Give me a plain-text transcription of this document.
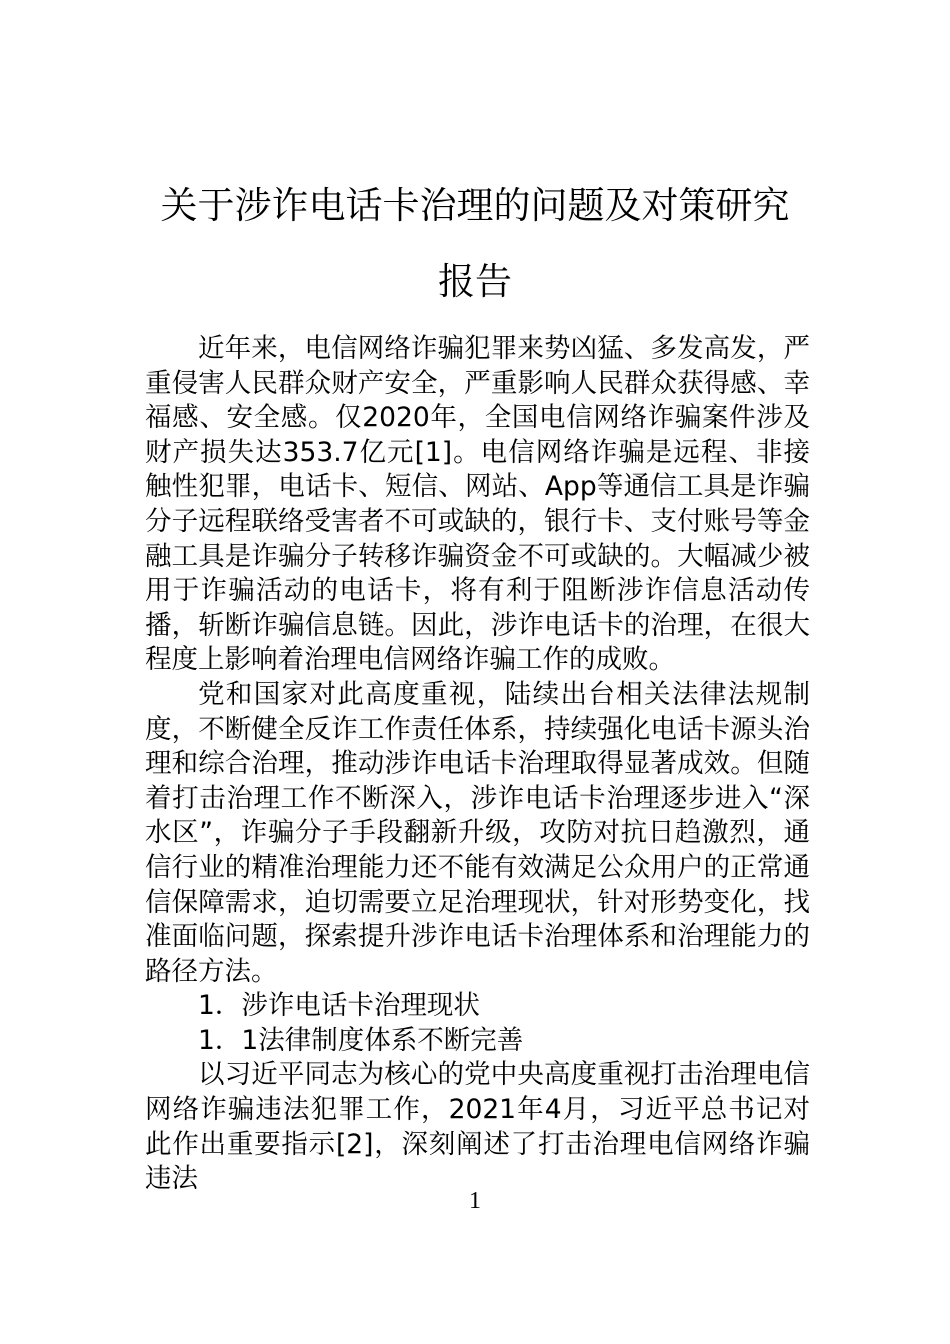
关于涉诈电话卡治理的问题及对策研究报告

近年来，电信网络诈骗犯罪来势凶猛、多发高发，严重侵害人民群众财产安全，严重影响人民群众获得感、幸福感、安全感。仅2020年，全国电信网络诈骗案件涉及财产损失达353.7亿元[1]。电信网络诈骗是远程、非接触性犯罪，电话卡、短信、网站、App等通信工具是诈骗分子远程联络受害者不可或缺的，银行卡、支付账号等金融工具是诈骗分子转移诈骗资金不可或缺的。大幅减少被用于诈骗活动的电话卡，将有利于阻断涉诈信息活动传播，斩断诈骗信息链。因此，涉诈电话卡的治理，在很大程度上影响着治理电信网络诈骗工作的成败。

党和国家对此高度重视，陆续出台相关法律法规制度，不断健全反诈工作责任体系，持续强化电话卡源头治理和综合治理，推动涉诈电话卡治理取得显著成效。但随着打击治理工作不断深入，涉诈电话卡治理逐步进入“深水区”，诈骗分子手段翻新升级，攻防对抗日趋激烈，通信行业的精准治理能力还不能有效满足公众用户的正常通信保障需求，迫切需要立足治理现状，针对形势变化，找准面临问题，探索提升涉诈电话卡治理体系和治理能力的路径方法。

1．涉诈电话卡治理现状

1．1法律制度体系不断完善

以习近平同志为核心的党中央高度重视打击治理电信网络诈骗违法犯罪工作，2021年4月，习近平总书记对此作出重要指示[2]，深刻阐述了打击治理电信网络诈骗违法

1
